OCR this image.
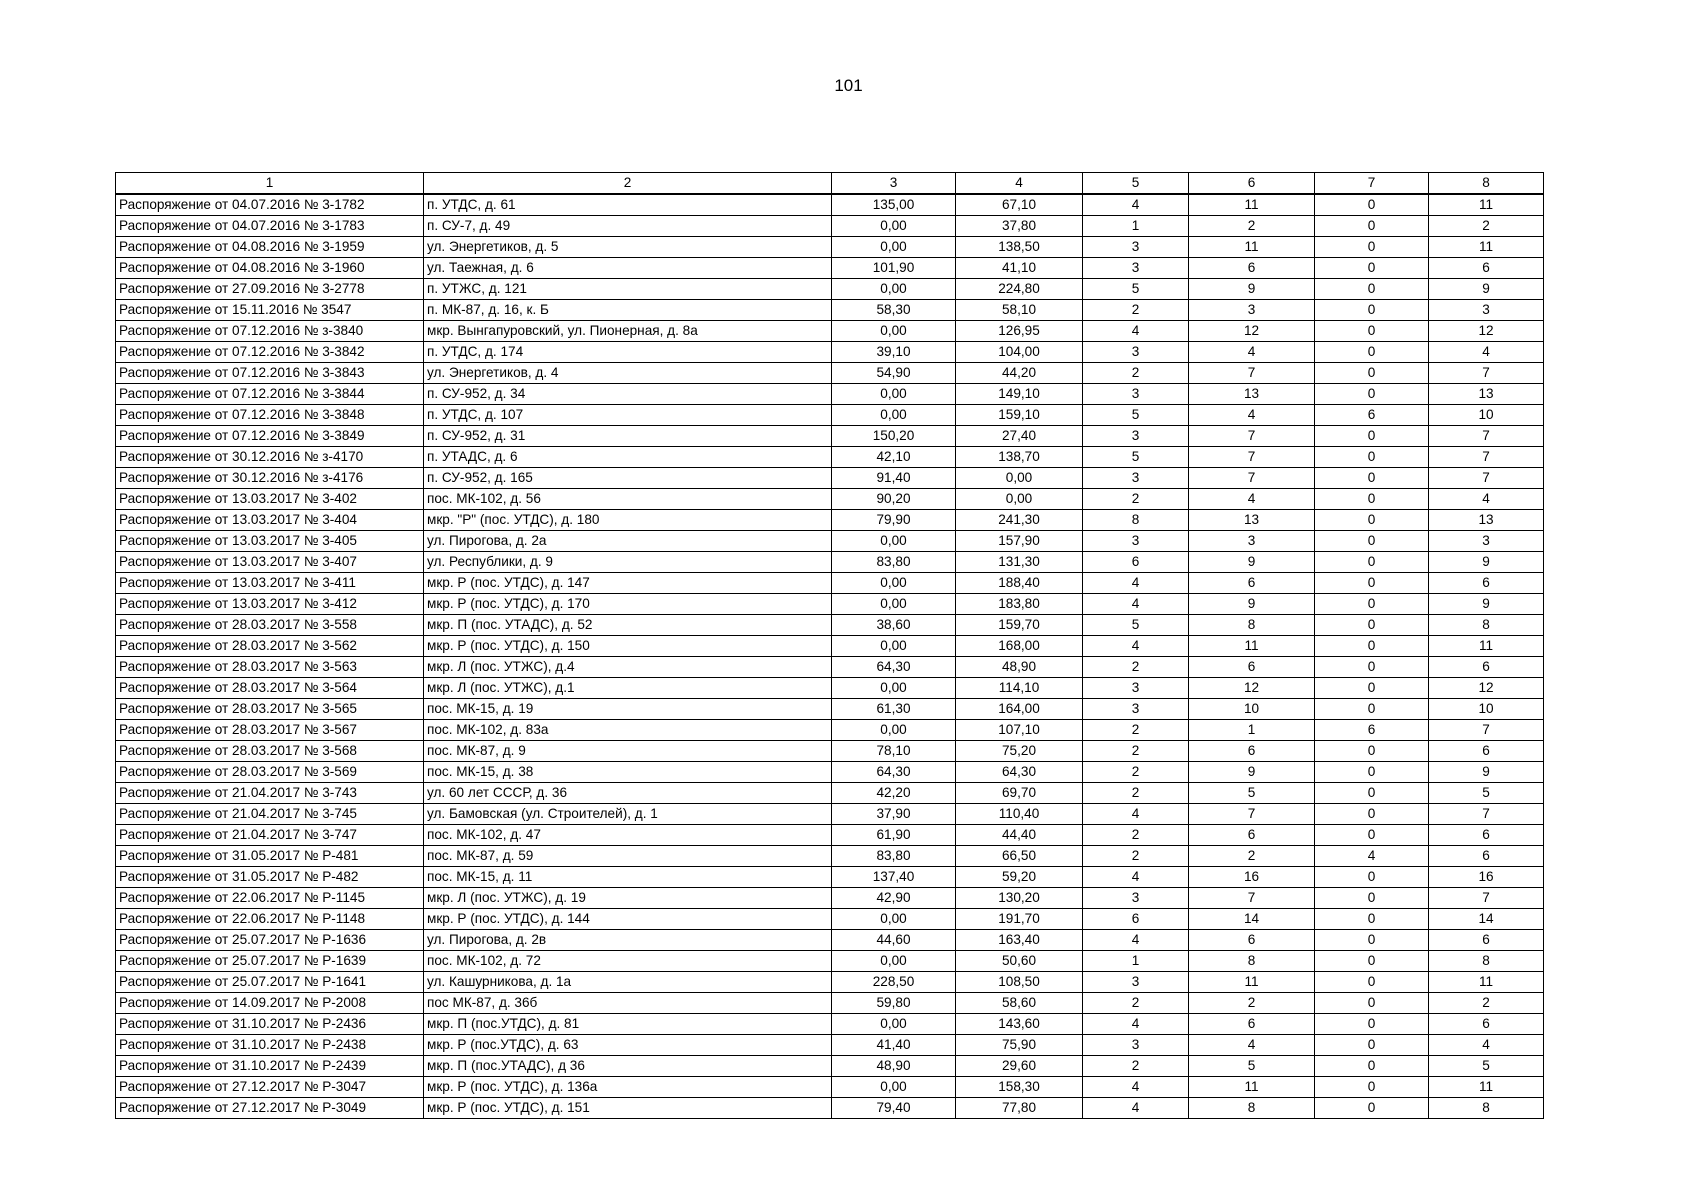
101
1	2	3	4	5	6	7	8
Распоряжение от 04.07.2016 № 3-1782	п. УТДС, д. 61	135,00	67,10	4	11	0	11
Распоряжение от 04.07.2016 № 3-1783	п. СУ-7, д. 49	0,00	37,80	1	2	0	2
Распоряжение от 04.08.2016 № 3-1959	ул. Энергетиков, д. 5	0,00	138,50	3	11	0	11
Распоряжение от 04.08.2016 № 3-1960	ул. Таежная, д. 6	101,90	41,10	3	6	0	6
Распоряжение от 27.09.2016 № 3-2778	п. УТЖС, д. 121	0,00	224,80	5	9	0	9
Распоряжение от 15.11.2016 № 3547	п. МК-87, д. 16, к. Б	58,30	58,10	2	3	0	3
Распоряжение от 07.12.2016 № з-3840	мкр. Вынгапуровский, ул. Пионерная, д. 8а	0,00	126,95	4	12	0	12
Распоряжение от 07.12.2016 № 3-3842	п. УТДС, д. 174	39,10	104,00	3	4	0	4
Распоряжение от 07.12.2016 № 3-3843	ул. Энергетиков, д. 4	54,90	44,20	2	7	0	7
Распоряжение от 07.12.2016 № 3-3844	п. СУ-952, д. 34	0,00	149,10	3	13	0	13
Распоряжение от 07.12.2016 № 3-3848	п. УТДС, д. 107	0,00	159,10	5	4	6	10
Распоряжение от 07.12.2016 № 3-3849	п. СУ-952, д. 31	150,20	27,40	3	7	0	7
Распоряжение от 30.12.2016 № з-4170	п. УТАДС, д. 6	42,10	138,70	5	7	0	7
Распоряжение от 30.12.2016 № з-4176	п. СУ-952, д. 165	91,40	0,00	3	7	0	7
Распоряжение от 13.03.2017 № 3-402	пос. МК-102, д. 56	90,20	0,00	2	4	0	4
Распоряжение от 13.03.2017 № 3-404	мкр. "Р" (пос. УТДС), д. 180	79,90	241,30	8	13	0	13
Распоряжение от 13.03.2017 № 3-405	ул. Пирогова, д. 2а	0,00	157,90	3	3	0	3
Распоряжение от 13.03.2017 № 3-407	ул. Республики, д. 9	83,80	131,30	6	9	0	9
Распоряжение от 13.03.2017 № 3-411	мкр. Р (пос. УТДС), д. 147	0,00	188,40	4	6	0	6
Распоряжение от 13.03.2017 № 3-412	мкр. Р (пос. УТДС), д. 170	0,00	183,80	4	9	0	9
Распоряжение от 28.03.2017 № 3-558	мкр. П (пос. УТАДС), д. 52	38,60	159,70	5	8	0	8
Распоряжение от 28.03.2017 № 3-562	мкр. Р (пос. УТДС), д. 150	0,00	168,00	4	11	0	11
Распоряжение от 28.03.2017 № 3-563	мкр. Л (пос. УТЖС), д.4	64,30	48,90	2	6	0	6
Распоряжение от 28.03.2017 № 3-564	мкр. Л (пос. УТЖС), д.1	0,00	114,10	3	12	0	12
Распоряжение от 28.03.2017 № 3-565	пос. МК-15, д. 19	61,30	164,00	3	10	0	10
Распоряжение от 28.03.2017 № 3-567	пос. МК-102, д. 83а	0,00	107,10	2	1	6	7
Распоряжение от 28.03.2017 № 3-568	пос. МК-87, д. 9	78,10	75,20	2	6	0	6
Распоряжение от 28.03.2017 № 3-569	пос. МК-15, д. 38	64,30	64,30	2	9	0	9
Распоряжение от 21.04.2017 № 3-743	ул. 60 лет СССР, д. 36	42,20	69,70	2	5	0	5
Распоряжение от 21.04.2017 № 3-745	ул. Бамовская (ул. Строителей), д. 1	37,90	110,40	4	7	0	7
Распоряжение от 21.04.2017 № 3-747	пос. МК-102, д. 47	61,90	44,40	2	6	0	6
Распоряжение от 31.05.2017 № Р-481	пос. МК-87, д. 59	83,80	66,50	2	2	4	6
Распоряжение от 31.05.2017 № Р-482	пос. МК-15, д. 11	137,40	59,20	4	16	0	16
Распоряжение от 22.06.2017 № Р-1145	мкр. Л (пос. УТЖС), д. 19	42,90	130,20	3	7	0	7
Распоряжение от 22.06.2017 № Р-1148	мкр. Р (пос. УТДС), д. 144	0,00	191,70	6	14	0	14
Распоряжение от 25.07.2017 № Р-1636	ул. Пирогова, д. 2в	44,60	163,40	4	6	0	6
Распоряжение от 25.07.2017 № Р-1639	пос. МК-102, д. 72	0,00	50,60	1	8	0	8
Распоряжение от 25.07.2017 № Р-1641	ул. Кашурникова, д. 1а	228,50	108,50	3	11	0	11
Распоряжение от 14.09.2017 № Р-2008	пос МК-87, д. 36б	59,80	58,60	2	2	0	2
Распоряжение от 31.10.2017 № Р-2436	мкр. П (пос.УТДС), д. 81	0,00	143,60	4	6	0	6
Распоряжение от 31.10.2017 № Р-2438	мкр. Р (пос.УТДС), д. 63	41,40	75,90	3	4	0	4
Распоряжение от 31.10.2017 № Р-2439	мкр. П (пос.УТАДС), д 36	48,90	29,60	2	5	0	5
Распоряжение от 27.12.2017 № Р-3047	мкр. Р (пос. УТДС), д. 136а	0,00	158,30	4	11	0	11
Распоряжение от 27.12.2017 № Р-3049	мкр. Р (пос. УТДС), д. 151	79,40	77,80	4	8	0	8
